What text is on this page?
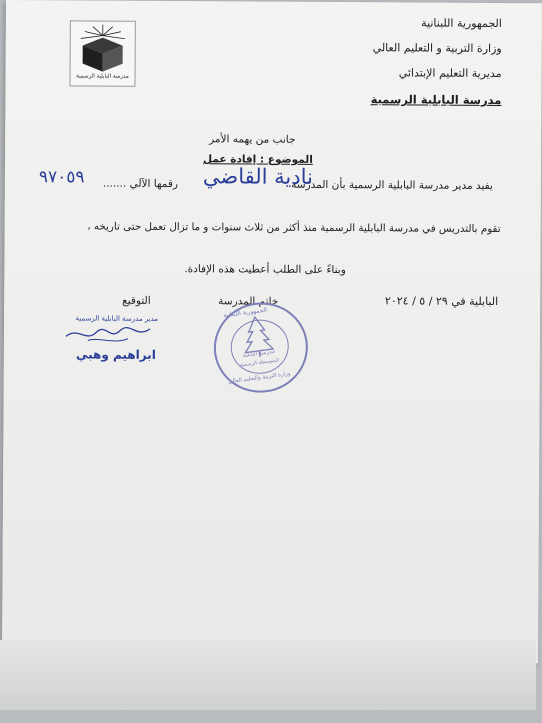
مدرسة البابلية الرسمية
الجمهورية اللبنانية
وزارة التربية و التعليم العالي
مديرية التعليم الإبتدائي
مدرسة البابلية الرسمية
جانب من يهمه الأمر
الموضوع : إفادة عمل
يفيد مدير مدرسة البابلية الرسمية بأن المدرّسة
نادية القاضي
رقمها الآلي .......
٩٧٠٥٩
تقوم بالتدريس في مدرسة البابلية الرسمية منذ أكثر من ثلاث سنوات و ما تزال تعمل حتى تاريخه ،
وبناءً على الطلب أعطيت هذه الإفادة.
البابلية في ٢٩ / ٥ / ٢٠٢٤
خاتم المدرسة
التوقيع
الجمهورية اللبنانية
مدرسة البابلية
المتوسطة الرسمية
وزارة التربية والتعليم العالي
مدير مدرسة البابلية الرسمية
ابراهيم وهبي
